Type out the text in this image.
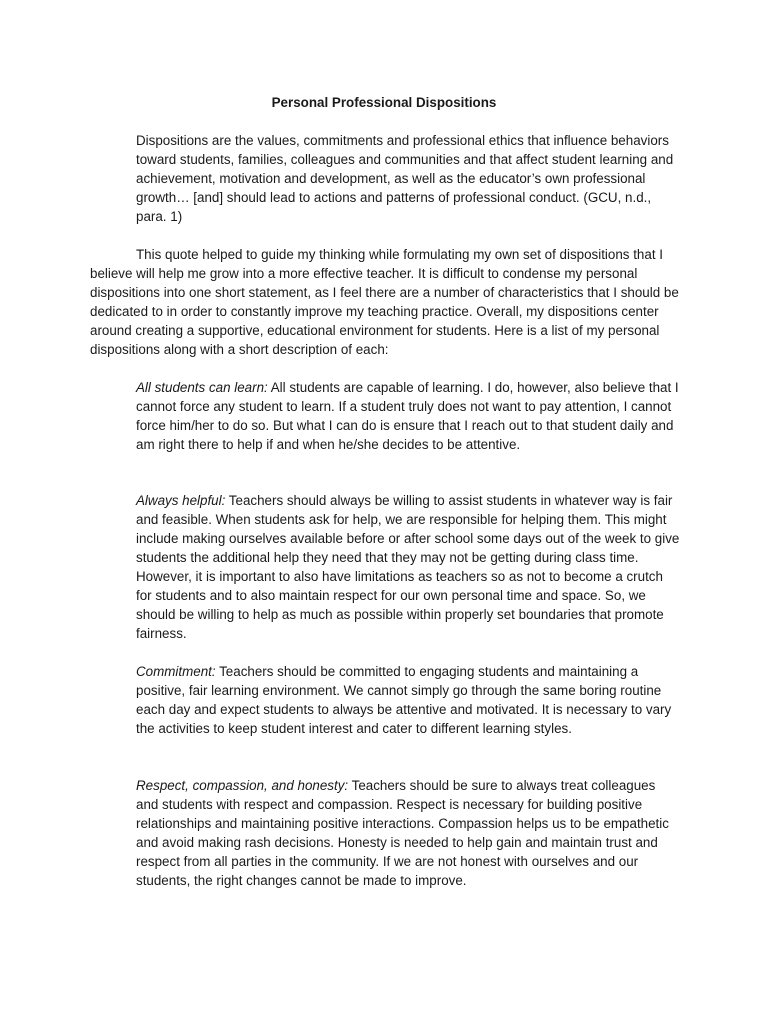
Personal Professional Dispositions

Dispositions are the values, commitments and professional ethics that influence behaviors toward students, families, colleagues and communities and that affect student learning and achievement, motivation and development, as well as the educator’s own professional growth… [and] should lead to actions and patterns of professional conduct. (GCU, n.d., para. 1)

This quote helped to guide my thinking while formulating my own set of dispositions that I believe will help me grow into a more effective teacher. It is difficult to condense my personal dispositions into one short statement, as I feel there are a number of characteristics that I should be dedicated to in order to constantly improve my teaching practice. Overall, my dispositions center around creating a supportive, educational environment for students. Here is a list of my personal dispositions along with a short description of each:

All students can learn: All students are capable of learning. I do, however, also believe that I cannot force any student to learn. If a student truly does not want to pay attention, I cannot force him/her to do so. But what I can do is ensure that I reach out to that student daily and am right there to help if and when he/she decides to be attentive.

Always helpful: Teachers should always be willing to assist students in whatever way is fair and feasible. When students ask for help, we are responsible for helping them. This might include making ourselves available before or after school some days out of the week to give students the additional help they need that they may not be getting during class time. However, it is important to also have limitations as teachers so as not to become a crutch for students and to also maintain respect for our own personal time and space. So, we should be willing to help as much as possible within properly set boundaries that promote fairness.

Commitment: Teachers should be committed to engaging students and maintaining a positive, fair learning environment. We cannot simply go through the same boring routine each day and expect students to always be attentive and motivated. It is necessary to vary the activities to keep student interest and cater to different learning styles.

Respect, compassion, and honesty: Teachers should be sure to always treat colleagues and students with respect and compassion. Respect is necessary for building positive relationships and maintaining positive interactions. Compassion helps us to be empathetic and avoid making rash decisions. Honesty is needed to help gain and maintain trust and respect from all parties in the community. If we are not honest with ourselves and our students, the right changes cannot be made to improve.
